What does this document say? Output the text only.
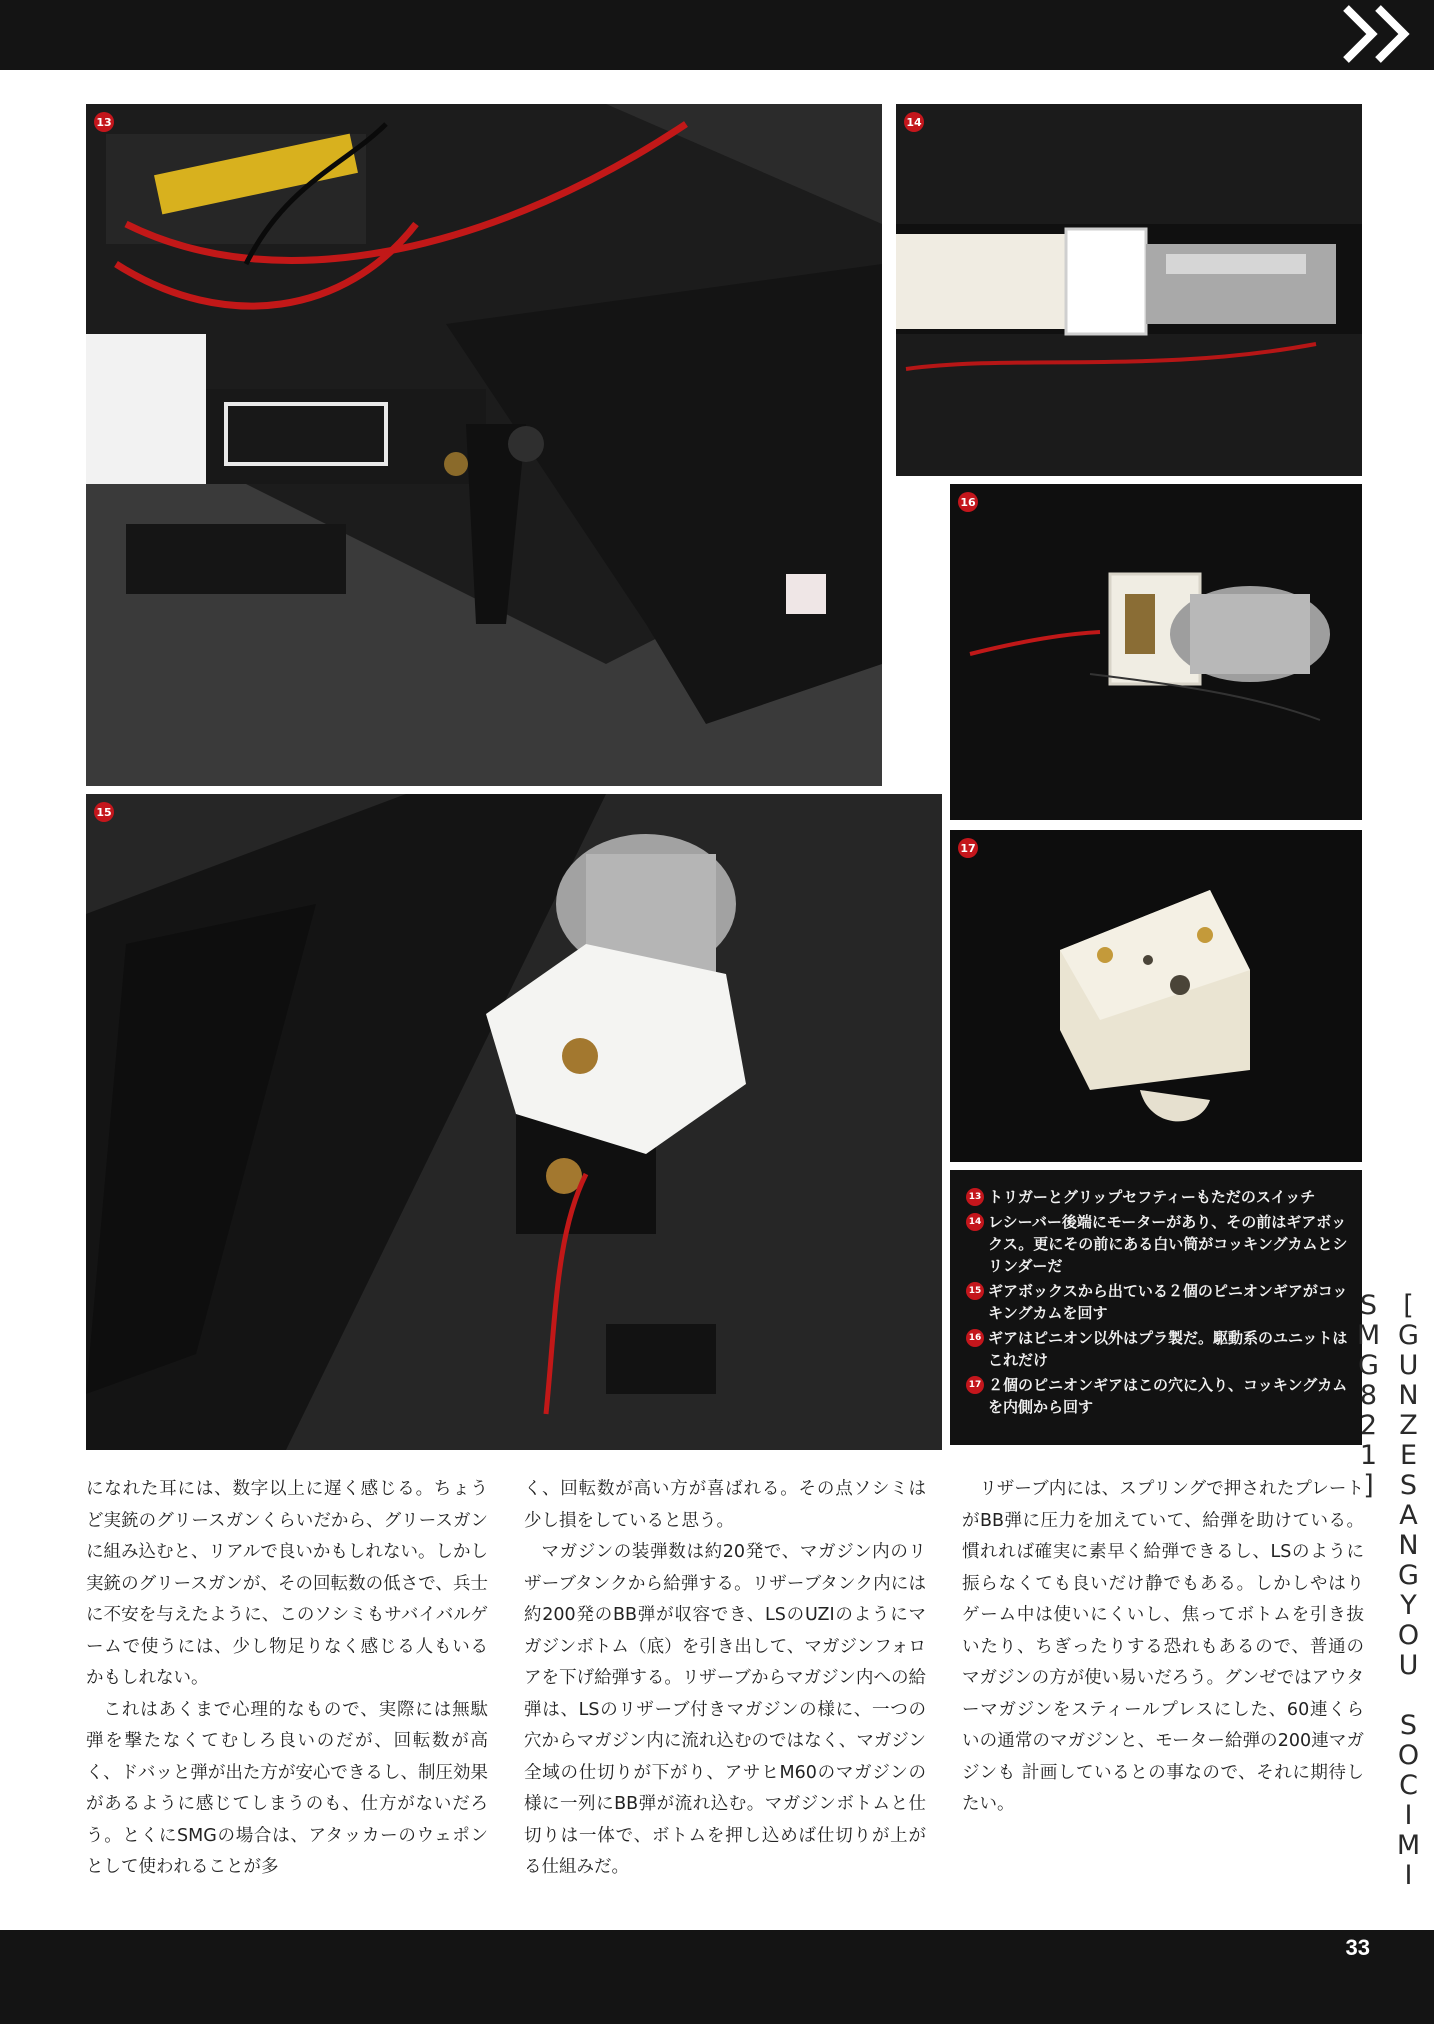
13	14
16
15
17
13 トリガーとグリップセフティーもただのスイッチ
14 レシーバー後端にモーターがあり、その前はギアボックス。更にその前にある白い筒がコッキングカムとシリンダーだ
15 ギアボックスから出ている２個のピニオンギアがコッキングカムを回す
16 ギアはピニオン以外はプラ製だ。駆動系のユニットはこれだけ
17 ２個のピニオンギアはこの穴に入り、コッキングカムを内側から回す

になれた耳には、数字以上に遅く感じる。ちょうど実銃のグリースガンくらいだから、グリースガンに組み込むと、リアルで良いかもしれない。しかし実銃のグリースガンが、その回転数の低さで、兵士に不安を与えたように、このソシミもサバイバルゲームで使うには、少し物足りなく感じる人もいるかもしれない。

これはあくまで心理的なもので、実際には無駄弾を撃たなくてむしろ良いのだが、回転数が高く、ドバッと弾が出た方が安心できるし、制圧効果があるように感じてしまうのも、仕方がないだろう。とくにSMGの場合は、アタッカーのウェポンとして使われることが多

く、回転数が高い方が喜ばれる。その点ソシミは少し損をしていると思う。

マガジンの装弾数は約20発で、マガジン内のリザーブタンクから給弾する。リザーブタンク内には約200発のBB弾が収容でき、LSのUZIのようにマガジンボトム（底）を引き出して、マガジンフォロアを下げ給弾する。リザーブからマガジン内への給弾は、LSのリザーブ付きマガジンの様に、一つの穴からマガジン内に流れ込むのではなく、マガジン全域の仕切りが下がり、アサヒM60のマガジンの様に一列にBB弾が流れ込む。マガジンボトムと仕切りは一体で、ボトムを押し込めば仕切りが上がる仕組みだ。

リザーブ内には、スプリングで押されたプレートがBB弾に圧力を加えていて、給弾を助けている。慣れれば確実に素早く給弾できるし、LSのように振らなくても良いだけ静でもある。しかしやはりゲーム中は使いにくいし、焦ってボトムを引き抜いたり、ちぎったりする恐れもあるので、普通のマガジンの方が使い易いだろう。グンゼではアウターマガジンをスティールプレスにした、60連くらいの通常のマガジンと、モーター給弾の200連マガジンも 計画しているとの事なので、それに期待したい。	[GUNZESANGYOU SOCIMI SMG821]
33
